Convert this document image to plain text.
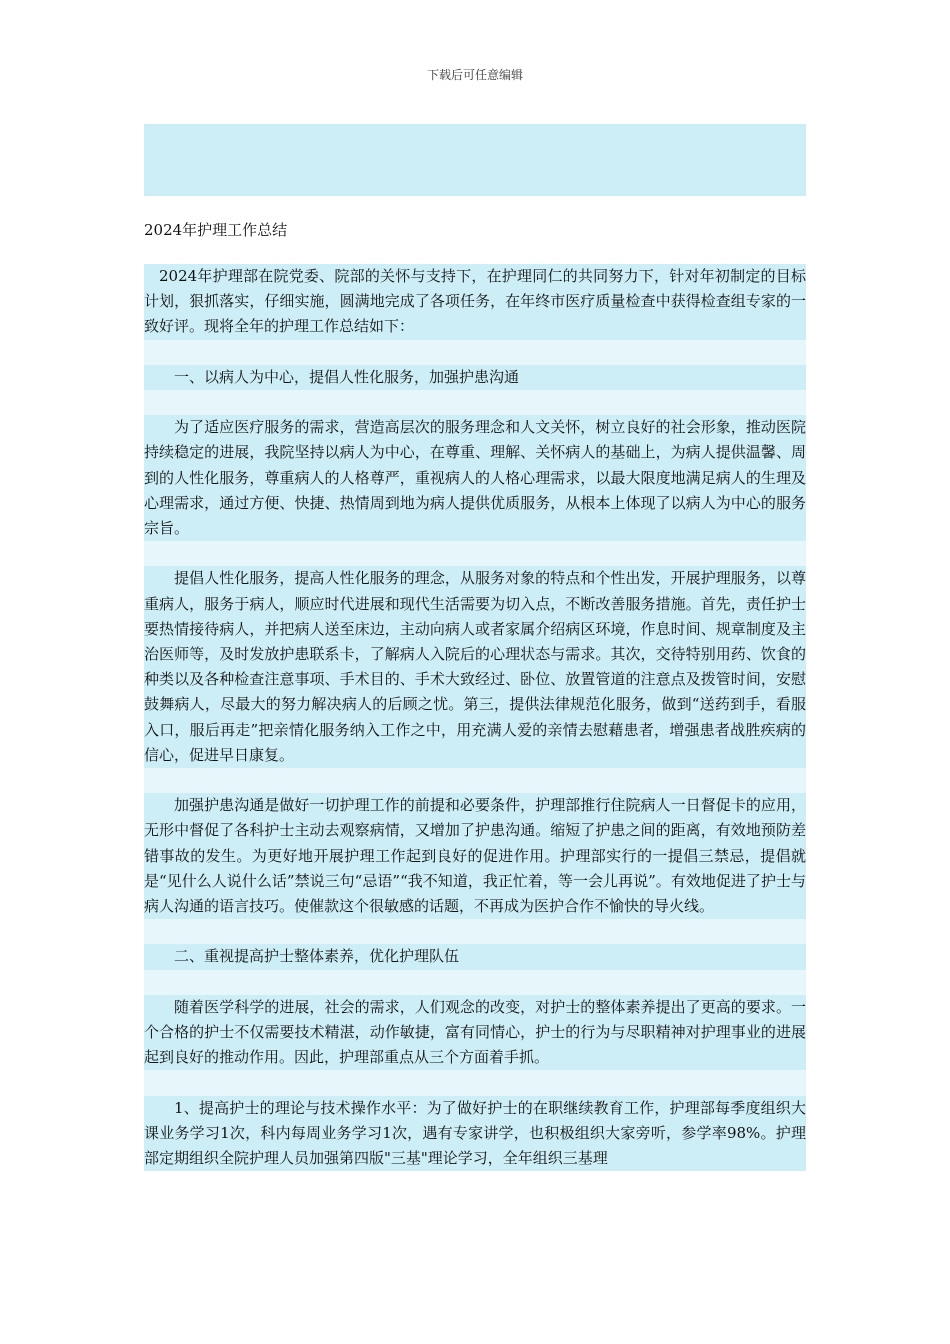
下载后可任意编辑
2024年护理工作总结

2024年护理部在院党委、院部的关怀与支持下，在护理同仁的共同努力下，针对年初制定的目标计划，狠抓落实，仔细实施，圆满地完成了各项任务，在年终市医疗质量检查中获得检查组专家的一致好评。现将全年的护理工作总结如下：

一、以病人为中心，提倡人性化服务，加强护患沟通

为了适应医疗服务的需求，营造高层次的服务理念和人文关怀，树立良好的社会形象，推动医院持续稳定的进展，我院坚持以病人为中心，在尊重、理解、关怀病人的基础上，为病人提供温馨、周到的人性化服务，尊重病人的人格尊严，重视病人的人格心理需求，以最大限度地满足病人的生理及心理需求，通过方便、快捷、热情周到地为病人提供优质服务，从根本上体现了以病人为中心的服务宗旨。

提倡人性化服务，提高人性化服务的理念，从服务对象的特点和个性出发，开展护理服务，以尊重病人，服务于病人，顺应时代进展和现代生活需要为切入点，不断改善服务措施。首先，责任护士要热情接待病人，并把病人送至床边，主动向病人或者家属介绍病区环境，作息时间、规章制度及主治医师等，及时发放护患联系卡，了解病人入院后的心理状态与需求。其次，交待特别用药、饮食的种类以及各种检查注意事项、手术目的、手术大致经过、卧位、放置管道的注意点及拨管时间，安慰鼓舞病人，尽最大的努力解决病人的后顾之忧。第三，提供法律规范化服务，做到“送药到手，看服入口，服后再走”把亲情化服务纳入工作之中，用充满人爱的亲情去慰藉患者，增强患者战胜疾病的信心，促进早日康复。

加强护患沟通是做好一切护理工作的前提和必要条件，护理部推行住院病人一日督促卡的应用，无形中督促了各科护士主动去观察病情，又增加了护患沟通。缩短了护患之间的距离，有效地预防差错事故的发生。为更好地开展护理工作起到良好的促进作用。护理部实行的一提倡三禁忌，提倡就是“见什么人说什么话”禁说三句“忌语”“我不知道，我正忙着，等一会儿再说”。有效地促进了护士与病人沟通的语言技巧。使催款这个很敏感的话题，不再成为医护合作不愉快的导火线。

二、重视提高护士整体素养，优化护理队伍

随着医学科学的进展，社会的需求，人们观念的改变，对护士的整体素养提出了更高的要求。一个合格的护士不仅需要技术精湛，动作敏捷，富有同情心，护士的行为与尽职精神对护理事业的进展起到良好的推动作用。因此，护理部重点从三个方面着手抓。

1、提高护士的理论与技术操作水平：为了做好护士的在职继续教育工作，护理部每季度组织大课业务学习1次，科内每周业务学习1次，遇有专家讲学，也积极组织大家旁听，参学率98%。护理部定期组织全院护理人员加强第四版"三基"理论学习，全年组织三基理
